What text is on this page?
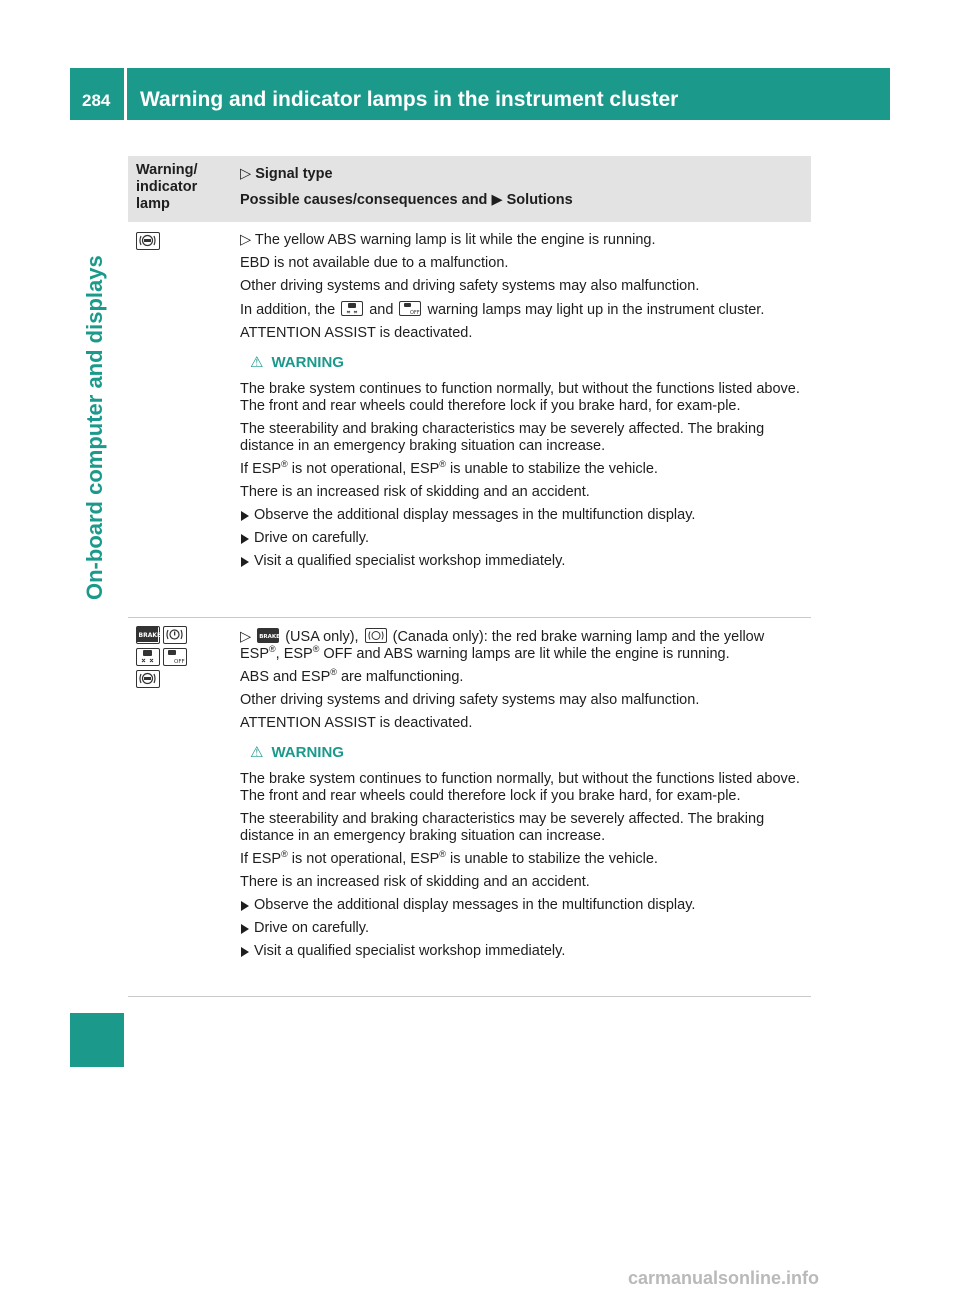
284 Warning and indicator lamps in the instrument cluster
On-board computer and displays
Warning/ indicator lamp
▷ Signal type
Possible causes/consequences and ▶ Solutions

▷ The yellow ABS warning lamp is lit while the engine is running.

EBD is not available due to a malfunction.

Other driving systems and driving safety systems may also malfunction.

In addition, the and	OFF warning lamps may light up in the instrument cluster.

ATTENTION ASSIST is deactivated.

⚠ WARNING

The brake system continues to function normally, but without the functions listed above. The front and rear wheels could therefore lock if you brake hard, for exam-ple.

The steerability and braking characteristics may be severely affected. The braking distance in an emergency braking situation can increase.

If ESP® is not operational, ESP® is unable to stabilize the vehicle.

There is an increased risk of skidding and an accident.

Observe the additional display messages in the multifunction display.

Drive on carefully.

Visit a qualified specialist workshop immediately.

BRAKE

OFF

▷ BRAKE (USA only), (Canada only): the red brake warning lamp and the yellow ESP®, ESP® OFF and ABS warning lamps are lit while the engine is running.

ABS and ESP® are malfunctioning.

Other driving systems and driving safety systems may also malfunction.

ATTENTION ASSIST is deactivated.

⚠ WARNING

The brake system continues to function normally, but without the functions listed above. The front and rear wheels could therefore lock if you brake hard, for exam-ple.

The steerability and braking characteristics may be severely affected. The braking distance in an emergency braking situation can increase.

If ESP® is not operational, ESP® is unable to stabilize the vehicle.

There is an increased risk of skidding and an accident.

Observe the additional display messages in the multifunction display.

Drive on carefully.

Visit a qualified specialist workshop immediately.

carmanualsonline.info
